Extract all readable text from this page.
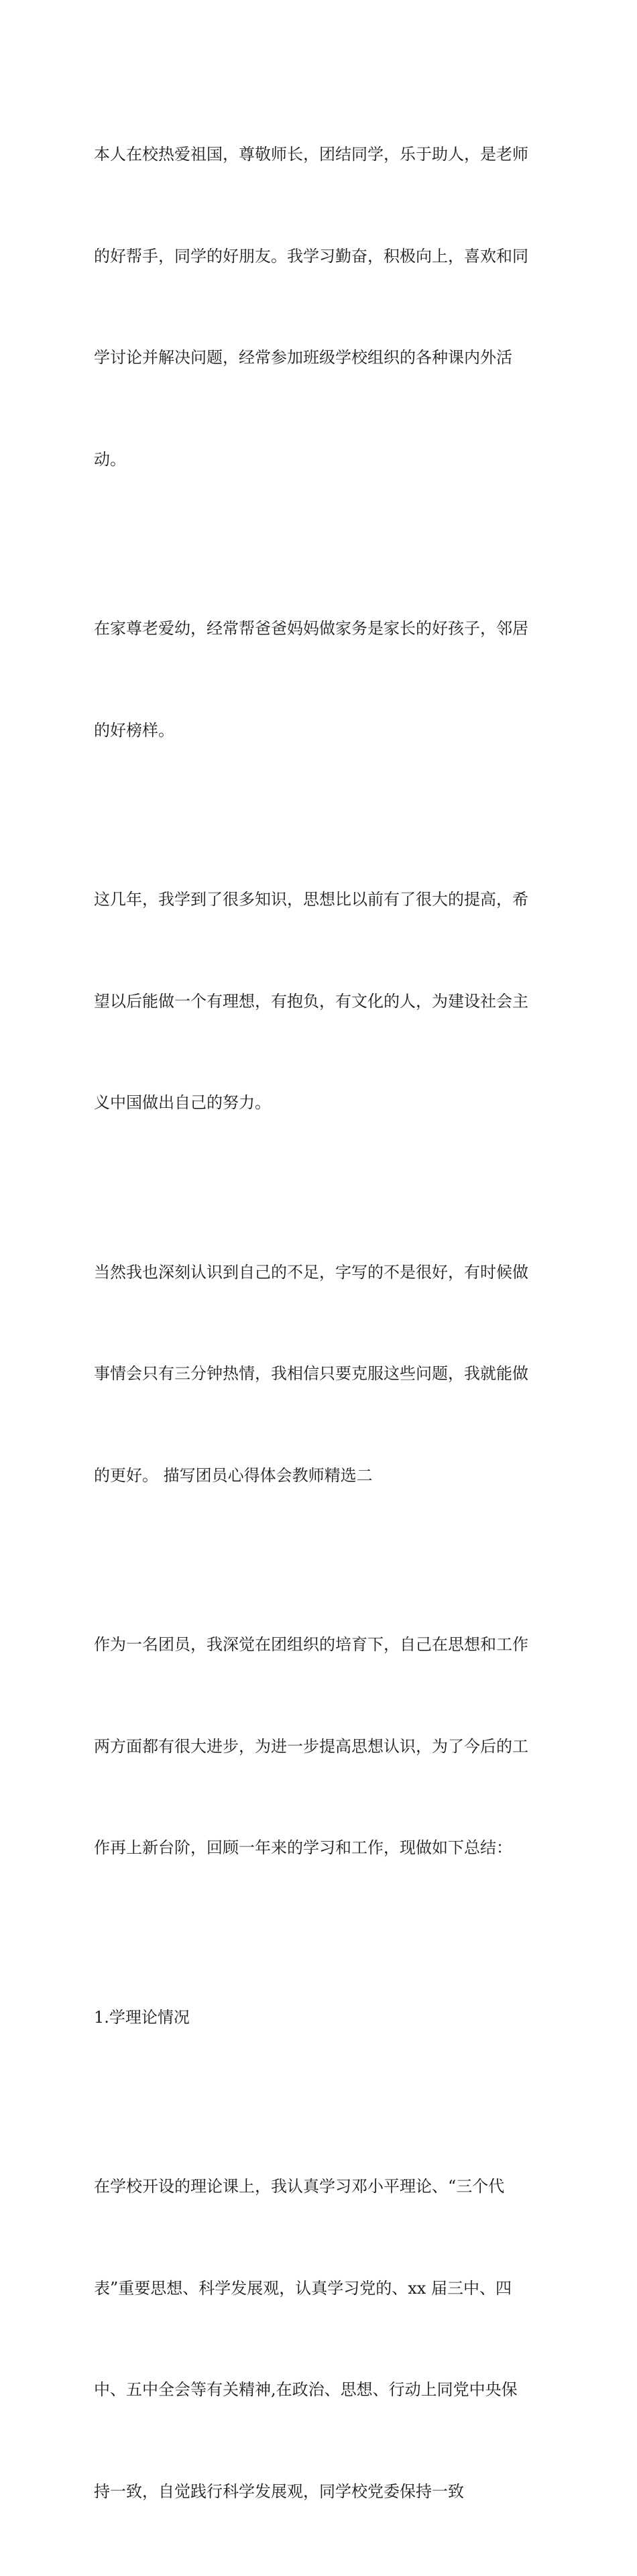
本人在校热爱祖国，尊敬师长，团结同学，乐于助人，是老师

的好帮手，同学的好朋友。我学习勤奋，积极向上，喜欢和同

学讨论并解决问题，经常参加班级学校组织的各种课内外活

动。

在家尊老爱幼，经常帮爸爸妈妈做家务是家长的好孩子，邻居

的好榜样。

这几年，我学到了很多知识，思想比以前有了很大的提高，希

望以后能做一个有理想，有抱负，有文化的人，为建设社会主

义中国做出自己的努力。

当然我也深刻认识到自己的不足，字写的不是很好，有时候做

事情会只有三分钟热情，我相信只要克服这些问题，我就能做

的更好。 描写团员心得体会教师精选二

作为一名团员，我深觉在团组织的培育下，自己在思想和工作

两方面都有很大进步，为进一步提高思想认识，为了今后的工

作再上新台阶，回顾一年来的学习和工作，现做如下总结：

1.学理论情况

在学校开设的理论课上，我认真学习邓小平理论、“三个代

表”重要思想、科学发展观，认真学习党的、xx 届三中、四

中、五中全会等有关精神,在政治、思想、行动上同党中央保

持一致，自觉践行科学发展观，同学校党委保持一致
